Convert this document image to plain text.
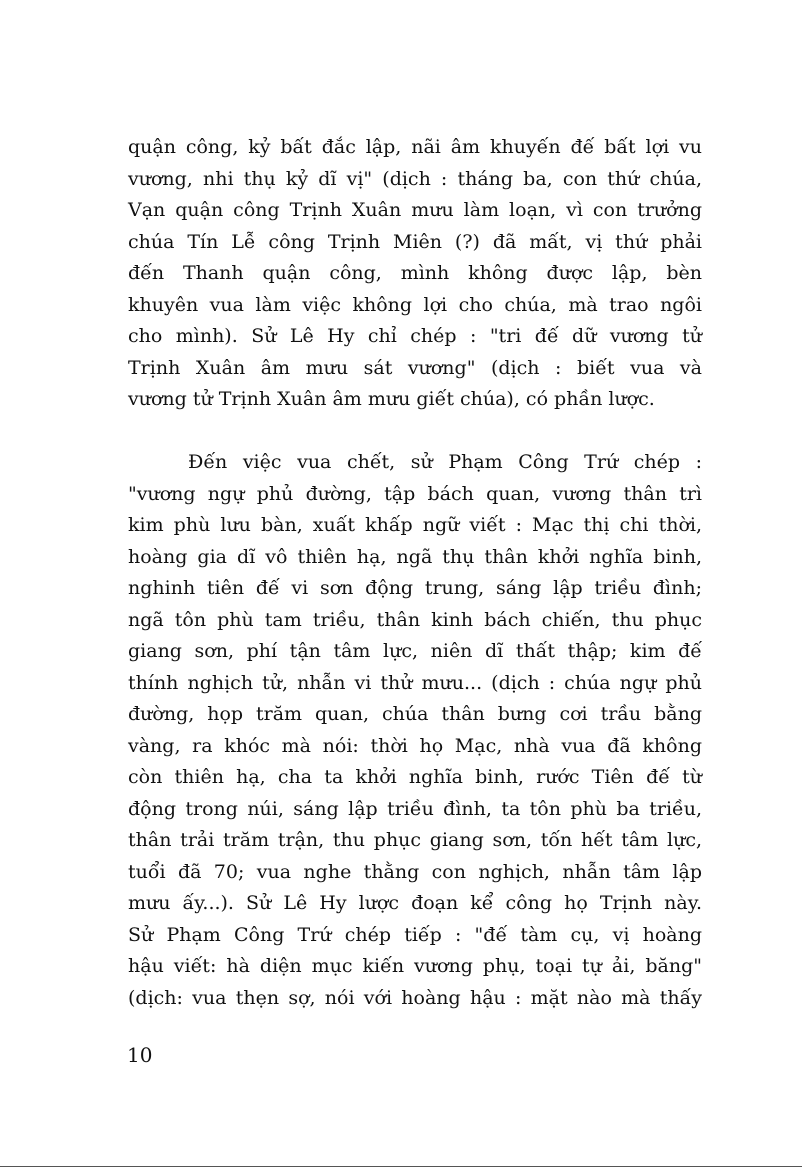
quận công, kỷ bất đắc lập, nãi âm khuyến đế bất lợi vu
vương, nhi thụ kỷ dĩ vị" (dịch : tháng ba, con thứ chúa,
Vạn quận công Trịnh Xuân mưu làm loạn, vì con trưởng
chúa Tín Lễ công Trịnh Miên (?) đã mất, vị thứ phải
đến Thanh quận công, mình không được lập, bèn
khuyên vua làm việc không lợi cho chúa, mà trao ngôi
cho mình). Sử Lê Hy chỉ chép : "tri đế dữ vương tử
Trịnh Xuân âm mưu sát vương" (dịch : biết vua và
vương tử Trịnh Xuân âm mưu giết chúa), có phần lược.
Đến việc vua chết, sử Phạm Công Trứ chép :
"vương ngự phủ đường, tập bách quan, vương thân trì
kim phù lưu bàn, xuất khấp ngữ viết : Mạc thị chi thời,
hoàng gia dĩ vô thiên hạ, ngã thụ thân khởi nghĩa binh,
nghinh tiên đế vi sơn động trung, sáng lập triều đình;
ngã tôn phù tam triều, thân kinh bách chiến, thu phục
giang sơn, phí tận tâm lực, niên dĩ thất thập; kim đế
thính nghịch tử, nhẫn vi thử mưu... (dịch : chúa ngự phủ
đường, họp trăm quan, chúa thân bưng cơi trầu bằng
vàng, ra khóc mà nói: thời họ Mạc, nhà vua đã không
còn thiên hạ, cha ta khởi nghĩa binh, rước Tiên đế từ
động trong núi, sáng lập triều đình, ta tôn phù ba triều,
thân trải trăm trận, thu phục giang sơn, tốn hết tâm lực,
tuổi đã 70; vua nghe thằng con nghịch, nhẫn tâm lập
mưu ấy...). Sử Lê Hy lược đoạn kể công họ Trịnh này.
Sử Phạm Công Trứ chép tiếp : "đế tàm cụ, vị hoàng
hậu viết: hà diện mục kiến vương phụ, toại tự ải, băng"
(dịch: vua thẹn sợ, nói với hoàng hậu : mặt nào mà thấy
10
